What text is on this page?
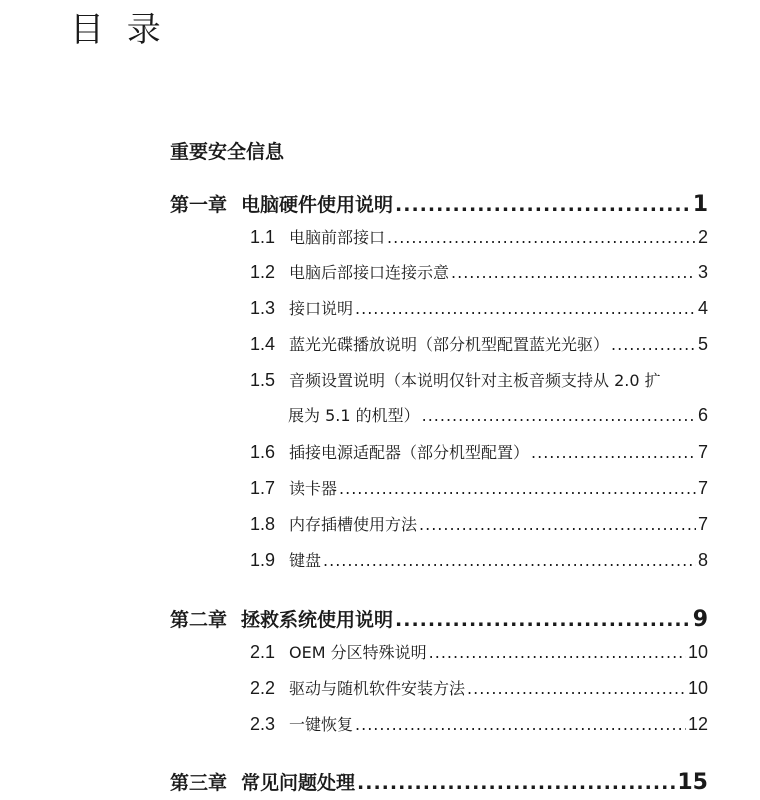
目 录
重要安全信息
第一章 电脑硬件使用说明 .....	1
1.1 电脑前部接口 .....	2
1.2 电脑后部接口连接示意 .....	3
1.3 接口说明 .....	4
1.4 蓝光光碟播放说明（部分机型配置蓝光光驱） .....	5
1.5 音频设置说明（本说明仅针对主板音频支持从 2.0 扩
展为 5.1 的机型） .....	6
1.6 插接电源适配器（部分机型配置） .....	7
1.7 读卡器 .....	7
1.8 内存插槽使用方法 .....	7
1.9 键盘 .....	8
第二章 拯救系统使用说明 .....	9
2.1 OEM 分区特殊说明 .....	10
2.2 驱动与随机软件安装方法 .....	10
2.3 一键恢复 .....	12
第三章 常见问题处理 .....	15
